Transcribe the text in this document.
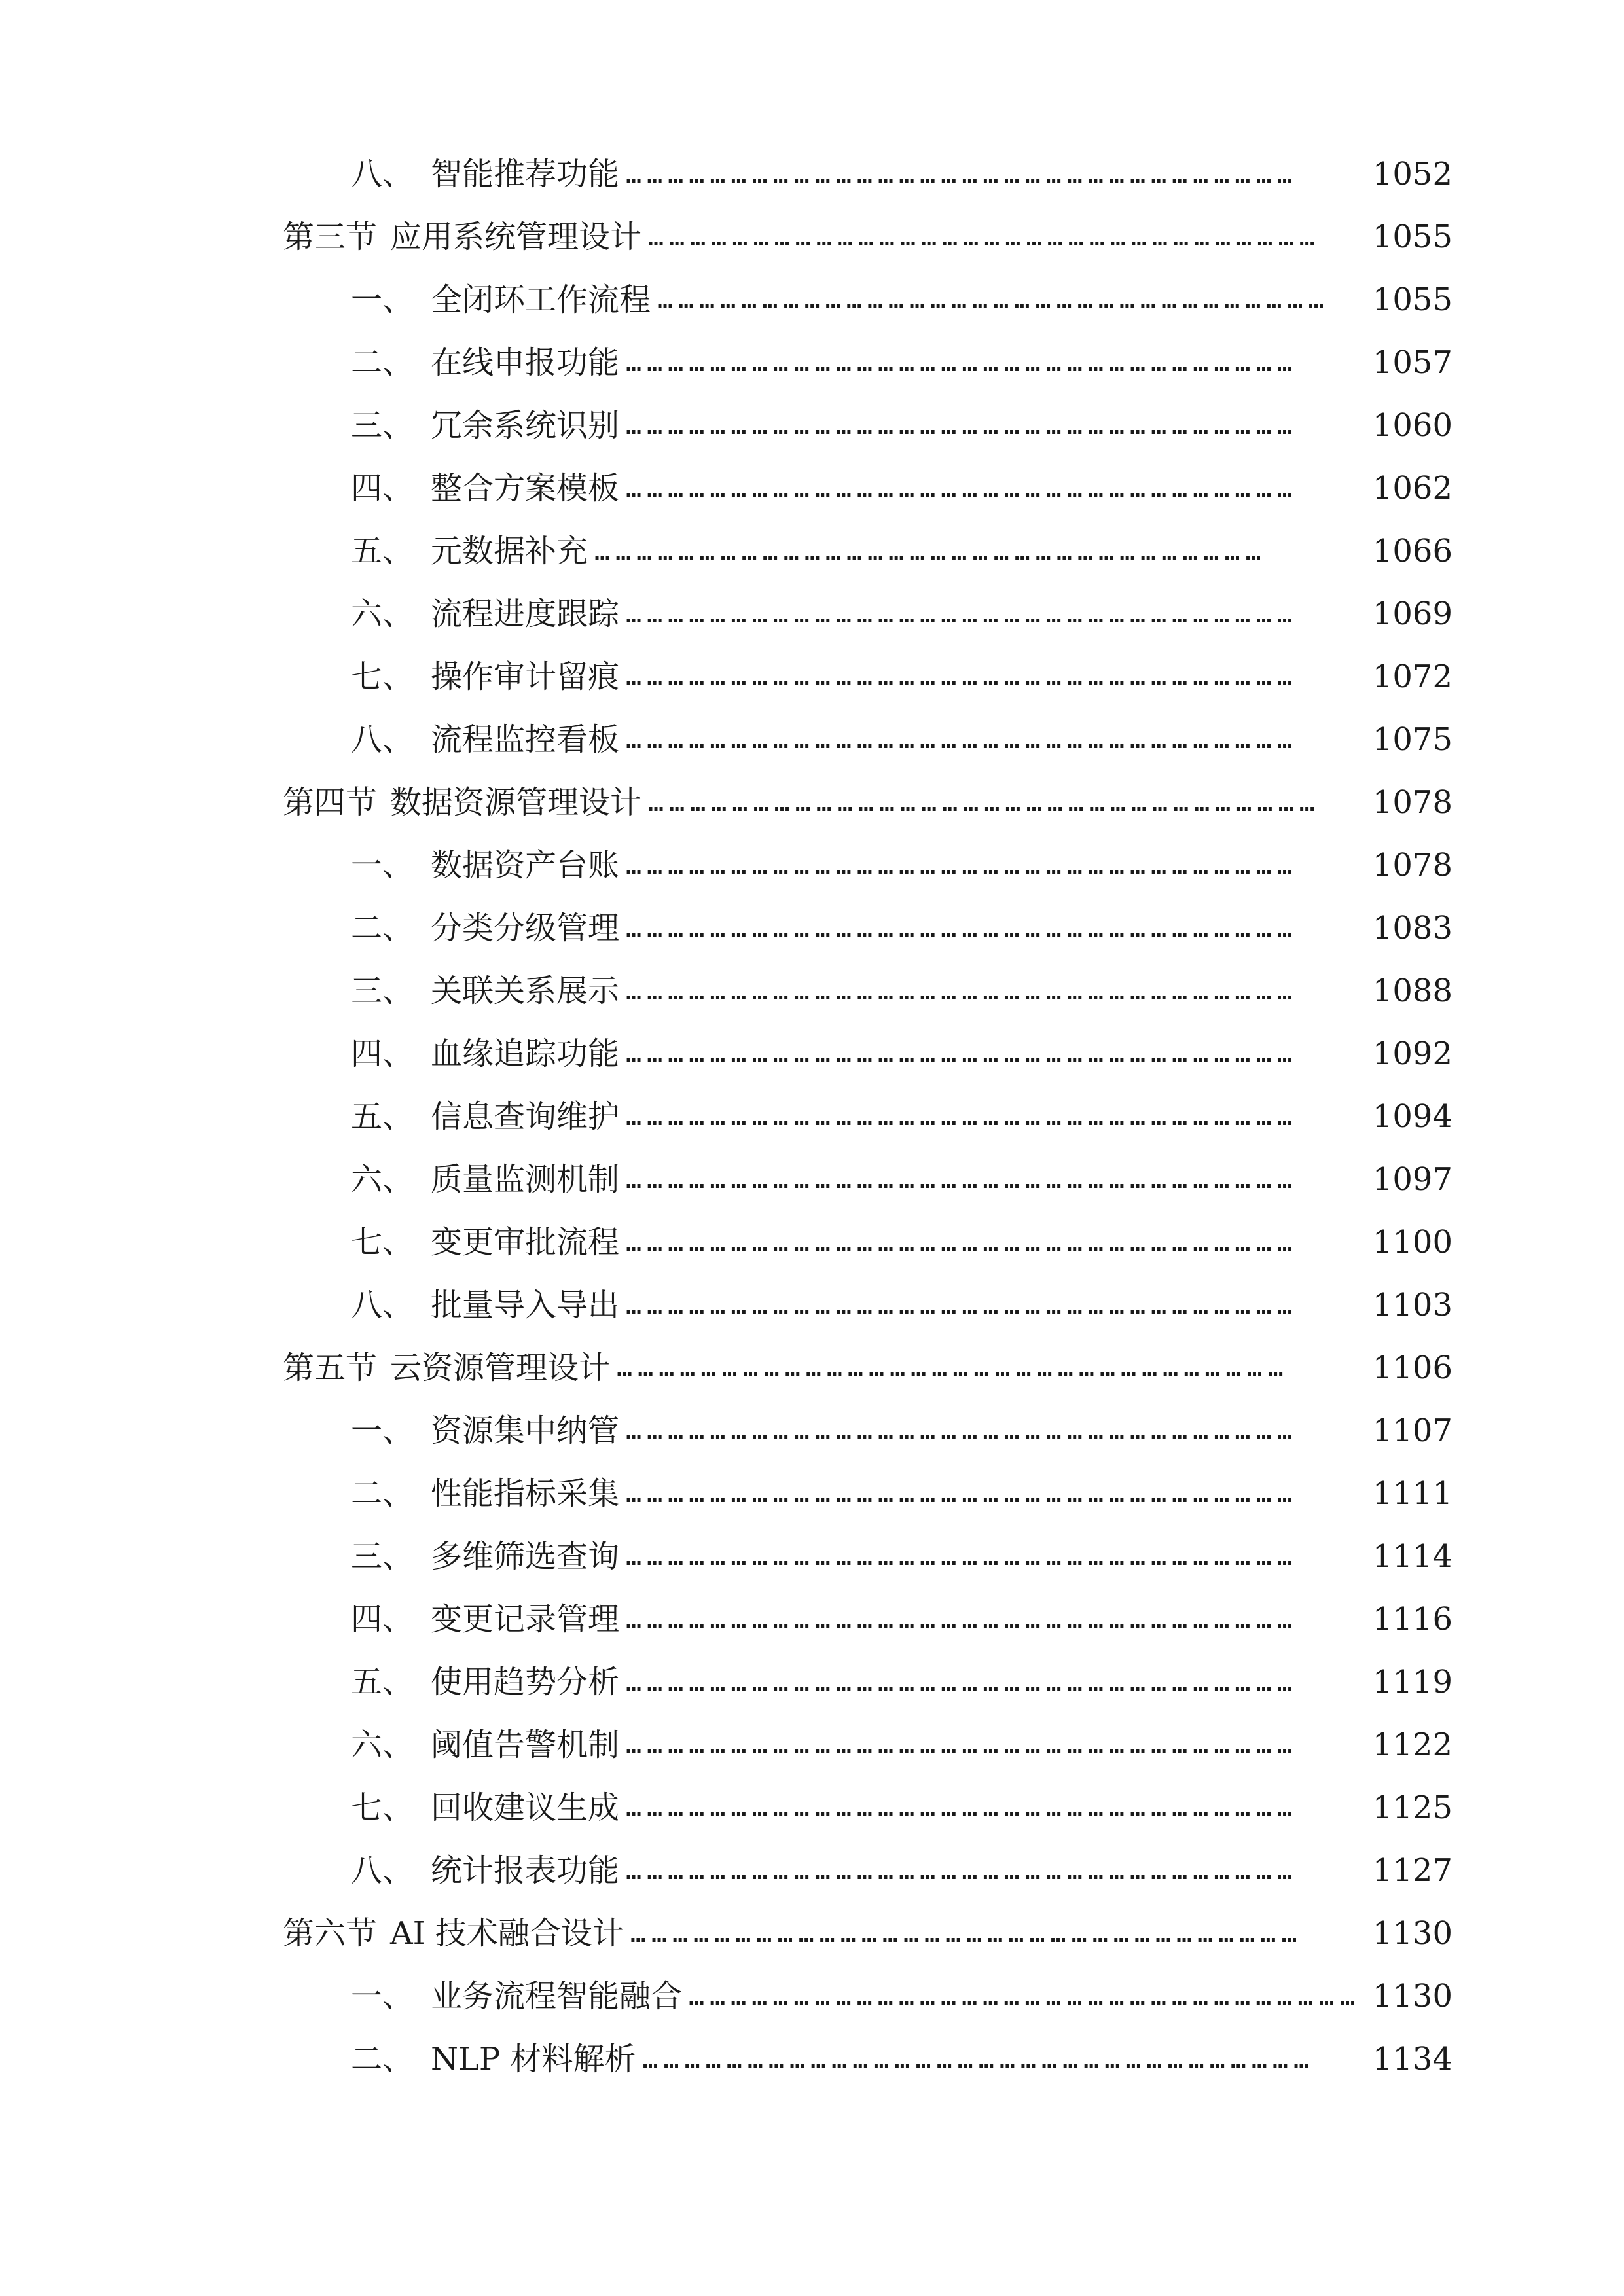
八、 智能推荐功能 ……………………………………………………………………………………	1052
第三节 应用系统管理设计 ……………………………………………………………………………………	1055
一、 全闭环工作流程 ……………………………………………………………………………………	1055
二、 在线申报功能 ……………………………………………………………………………………	1057
三、 冗余系统识别 ……………………………………………………………………………………	1060
四、 整合方案模板 ……………………………………………………………………………………	1062
五、 元数据补充 ……………………………………………………………………………………	1066
六、 流程进度跟踪 ……………………………………………………………………………………	1069
七、 操作审计留痕 ……………………………………………………………………………………	1072
八、 流程监控看板 ……………………………………………………………………………………	1075
第四节 数据资源管理设计 ……………………………………………………………………………………	1078
一、 数据资产台账 ……………………………………………………………………………………	1078
二、 分类分级管理 ……………………………………………………………………………………	1083
三、 关联关系展示 ……………………………………………………………………………………	1088
四、 血缘追踪功能 ……………………………………………………………………………………	1092
五、 信息查询维护 ……………………………………………………………………………………	1094
六、 质量监测机制 ……………………………………………………………………………………	1097
七、 变更审批流程 ……………………………………………………………………………………	1100
八、 批量导入导出 ……………………………………………………………………………………	1103
第五节 云资源管理设计 ……………………………………………………………………………………	1106
一、 资源集中纳管 ……………………………………………………………………………………	1107
二、 性能指标采集 ……………………………………………………………………………………	1111
三、 多维筛选查询 ……………………………………………………………………………………	1114
四、 变更记录管理 ……………………………………………………………………………………	1116
五、 使用趋势分析 ……………………………………………………………………………………	1119
六、 阈值告警机制 ……………………………………………………………………………………	1122
七、 回收建议生成 ……………………………………………………………………………………	1125
八、 统计报表功能 ……………………………………………………………………………………	1127
第六节 AI 技术融合设计 ……………………………………………………………………………………	1130
一、 业务流程智能融合 …………………………………………………………………………………… 1130
二、 NLP 材料解析 ……………………………………………………………………………………	1134
